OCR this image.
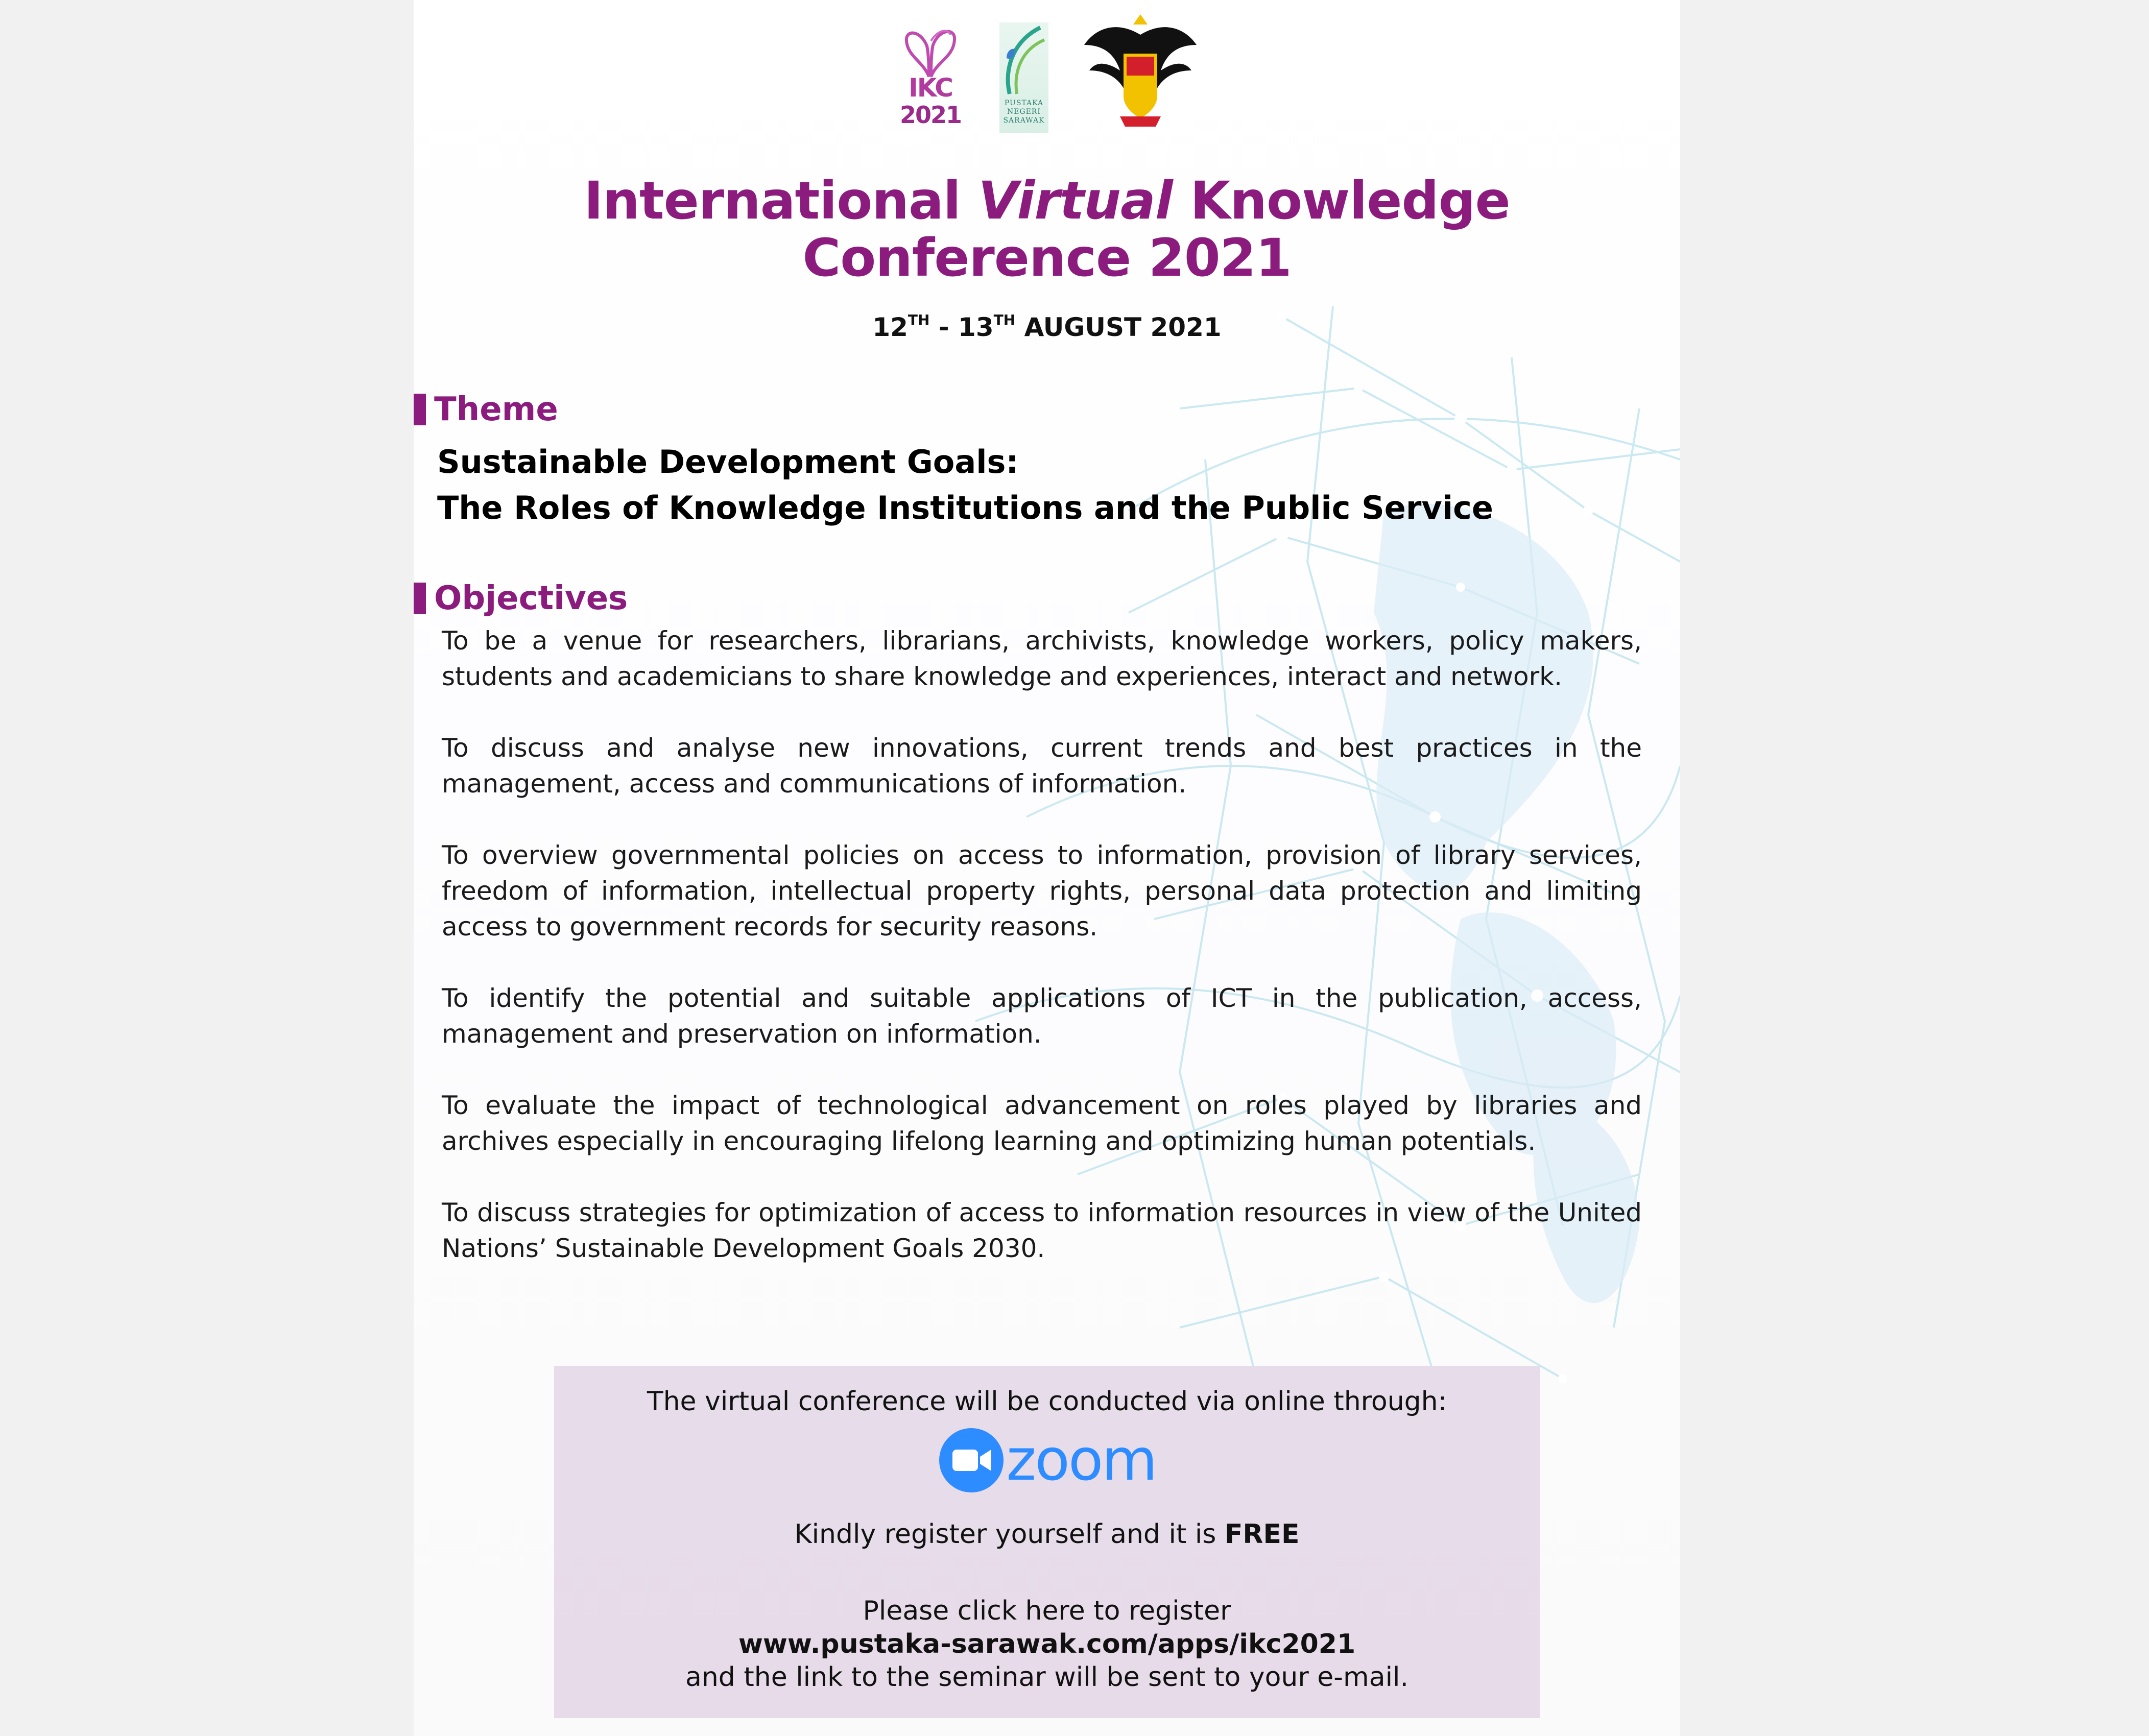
IKC
2021	PUSTAKA NEGERI SARAWAK
International Virtual Knowledge
Conference 2021
12TH - 13TH AUGUST 2021
Theme
Sustainable Development Goals:
The Roles of Knowledge Institutions and the Public Service
Objectives

To be a venue for researchers, librarians, archivists, knowledge workers, policy makers, students and academicians to share knowledge and experiences, interact and network.

To discuss and analyse new innovations, current trends and best practices in the management, access and communications of information.

To overview governmental policies on access to information, provision of library services, freedom of information, intellectual property rights, personal data protection and limiting access to government records for security reasons.

To identify the potential and suitable applications of ICT in the publication, access, management and preservation on information.

To evaluate the impact of technological advancement on roles played by libraries and archives especially in encouraging lifelong learning and optimizing human potentials.

To discuss strategies for optimization of access to information resources in view of the United Nations’ Sustainable Development Goals 2030.

The virtual conference will be conducted via online through:
zoom
Kindly register yourself and it is FREE
Please click here to register
www.pustaka-sarawak.com/apps/ikc2021
and the link to the seminar will be sent to your e-mail.
